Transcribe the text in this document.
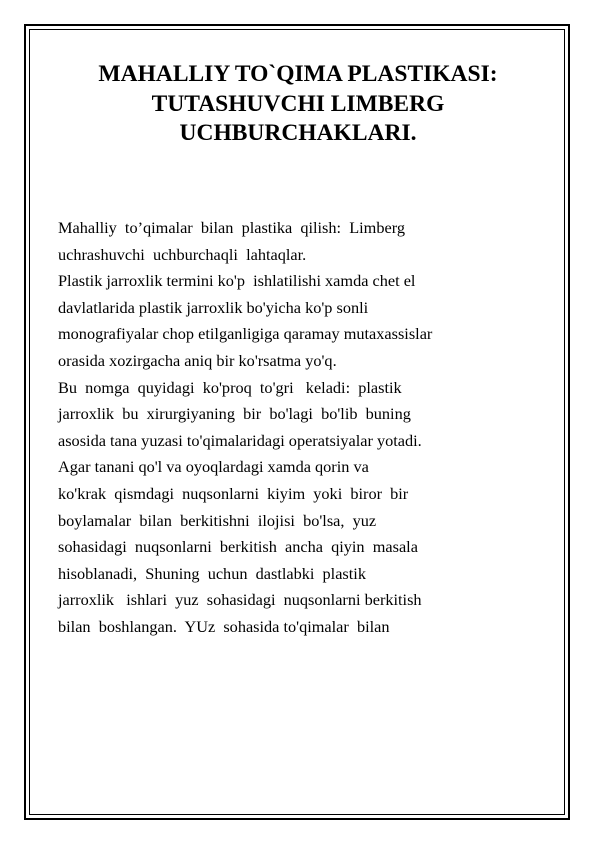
MAHALLIY TO`QIMA PLASTIKASI:
TUTASHUVCHI LIMBERG
UCHBURCHAKLARI.
Mahalliy  to’qimalar  bilan  plastika  qilish:  Limberg
uchrashuvchi  uchburchaqli  lahtaqlar.
Plastik jarroxlik termini ko'p  ishlatilishi xamda chet el
davlatlarida plastik jarroxlik bo'yicha ko'p sonli
monografiyalar chop etilganligiga qaramay mutaxassislar
orasida xozirgacha aniq bir ko'rsatma yo'q.
Bu  nomga  quyidagi  ko'proq  to'gri   keladi:  plastik
jarroxlik  bu  xirurgiyaning  bir  bo'lagi  bo'lib  buning
asosida tana yuzasi to'qimalaridagi operatsiyalar yotadi.
Agar tanani qo'l va oyoqlardagi xamda qorin va
ko'krak  qismdagi  nuqsonlarni  kiyim  yoki  biror  bir
boylamalar  bilan  berkitishni  ilojisi  bo'lsa,  yuz
sohasidagi  nuqsonlarni  berkitish  ancha  qiyin  masala
hisoblanadi,  Shuning  uchun  dastlabki  plastik
jarroxlik   ishlari  yuz  sohasidagi  nuqsonlarni berkitish
bilan  boshlangan.  YUz  sohasida to'qimalar  bilan
